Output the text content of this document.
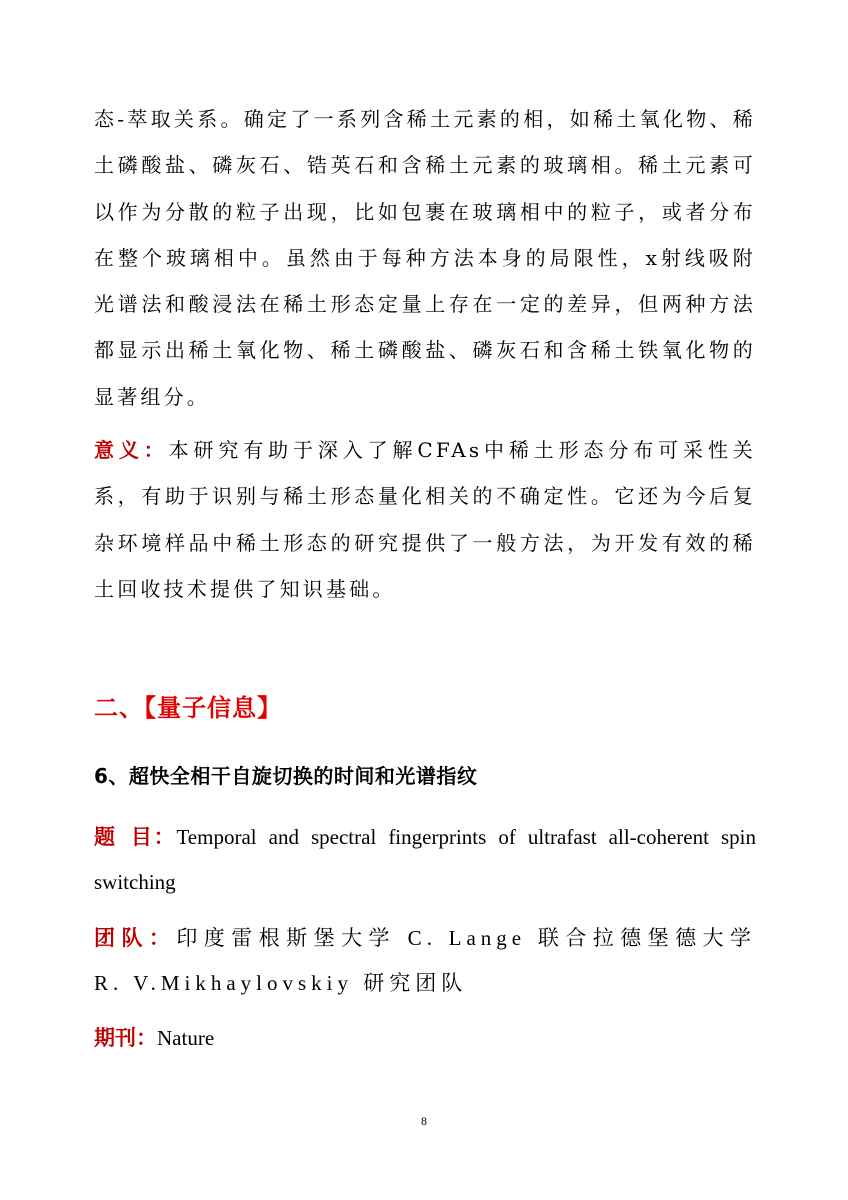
态-萃取关系。确定了一系列含稀土元素的相，如稀土氧化物、稀土磷酸盐、磷灰石、锆英石和含稀土元素的玻璃相。稀土元素可以作为分散的粒子出现，比如包裹在玻璃相中的粒子，或者分布在整个玻璃相中。虽然由于每种方法本身的局限性，x射线吸附光谱法和酸浸法在稀土形态定量上存在一定的差异，但两种方法都显示出稀土氧化物、稀土磷酸盐、磷灰石和含稀土铁氧化物的显著组分。

意义：本研究有助于深入了解CFAs中稀土形态分布可采性关系，有助于识别与稀土形态量化相关的不确定性。它还为今后复杂环境样品中稀土形态的研究提供了一般方法，为开发有效的稀土回收技术提供了知识基础。

二、【量子信息】
6、超快全相干自旋切换的时间和光谱指纹

题 目：Temporal and spectral fingerprints of ultrafast all-coherent spin switching

团队：印度雷根斯堡大学 C. Lange 联合拉德堡德大学 R. V.Mikhaylovskiy 研究团队

期刊：Nature

8
